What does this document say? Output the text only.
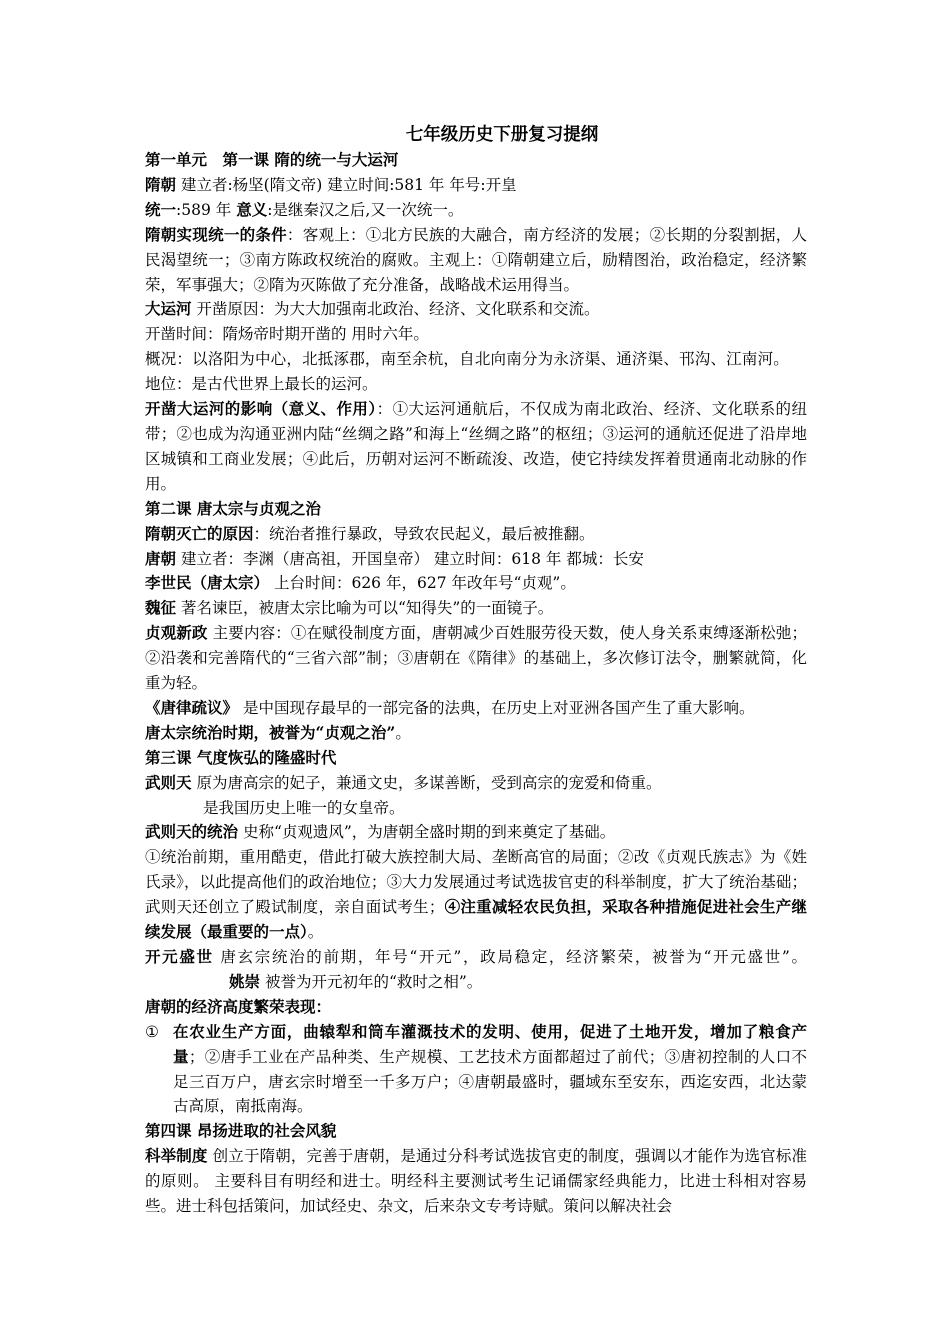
七年级历史下册复习提纲

第一单元　第一课 隋的统一与大运河

隋朝 建立者:杨坚(隋文帝) 建立时间:581 年 年号:开皇

统一:589 年 意义:是继秦汉之后,又一次统一。

隋朝实现统一的条件：客观上：①北方民族的大融合，南方经济的发展；②长期的分裂割据，人民渴望统一；③南方陈政权统治的腐败。主观上：①隋朝建立后，励精图治，政治稳定，经济繁荣，军事强大；②隋为灭陈做了充分准备，战略战术运用得当。

大运河 开凿原因：为大大加强南北政治、经济、文化联系和交流。

开凿时间：隋炀帝时期开凿的 用时六年。

概况：以洛阳为中心，北抵涿郡，南至余杭，自北向南分为永济渠、通济渠、邗沟、江南河。地位：是古代世界上最长的运河。

开凿大运河的影响（意义、作用）：①大运河通航后，不仅成为南北政治、经济、文化联系的纽带；②也成为沟通亚洲内陆“丝绸之路”和海上“丝绸之路”的枢纽；③运河的通航还促进了沿岸地区城镇和工商业发展；④此后，历朝对运河不断疏浚、改造，使它持续发挥着贯通南北动脉的作用。

第二课 唐太宗与贞观之治

隋朝灭亡的原因：统治者推行暴政，导致农民起义，最后被推翻。

唐朝 建立者：李渊（唐高祖，开国皇帝） 建立时间：618 年 都城：长安

李世民（唐太宗） 上台时间：626 年，627 年改年号“贞观”。

魏征 著名谏臣，被唐太宗比喻为可以“知得失”的一面镜子。

贞观新政 主要内容：①在赋役制度方面，唐朝减少百姓服劳役天数，使人身关系束缚逐渐松弛；②沿袭和完善隋代的“三省六部”制；③唐朝在《隋律》的基础上，多次修订法令，删繁就简，化重为轻。

《唐律疏议》 是中国现存最早的一部完备的法典，在历史上对亚洲各国产生了重大影响。

唐太宗统治时期，被誉为“贞观之治”。

第三课 气度恢弘的隆盛时代

武则天 原为唐高宗的妃子，兼通文史，多谋善断，受到高宗的宠爱和倚重。

是我国历史上唯一的女皇帝。

武则天的统治 史称“贞观遗风”，为唐朝全盛时期的到来奠定了基础。

①统治前期，重用酷吏，借此打破大族控制大局、垄断高官的局面；②改《贞观氏族志》为《姓氏录》，以此提高他们的政治地位；③大力发展通过考试选拔官吏的科举制度，扩大了统治基础；武则天还创立了殿试制度，亲自面试考生；④注重减轻农民负担，采取各种措施促进社会生产继续发展（最重要的一点）。

开元盛世 唐玄宗统治的前期，年号“开元”，政局稳定，经济繁荣，被誉为“开元盛世”。姚崇 被誉为开元初年的“救时之相”。

唐朝的经济高度繁荣表现：

① 在农业生产方面，曲辕犁和筒车灌溉技术的发明、使用，促进了土地开发，增加了粮食产量；②唐手工业在产品种类、生产规模、工艺技术方面都超过了前代；③唐初控制的人口不足三百万户，唐玄宗时增至一千多万户；④唐朝最盛时，疆域东至安东，西迄安西，北达蒙古高原，南抵南海。

第四课 昂扬进取的社会风貌

科举制度 创立于隋朝，完善于唐朝，是通过分科考试选拔官吏的制度，强调以才能作为选官标准的原则。 主要科目有明经和进士。明经科主要测试考生记诵儒家经典能力，比进士科相对容易些。进士科包括策问，加试经史、杂文，后来杂文专考诗赋。策问以解决社会
